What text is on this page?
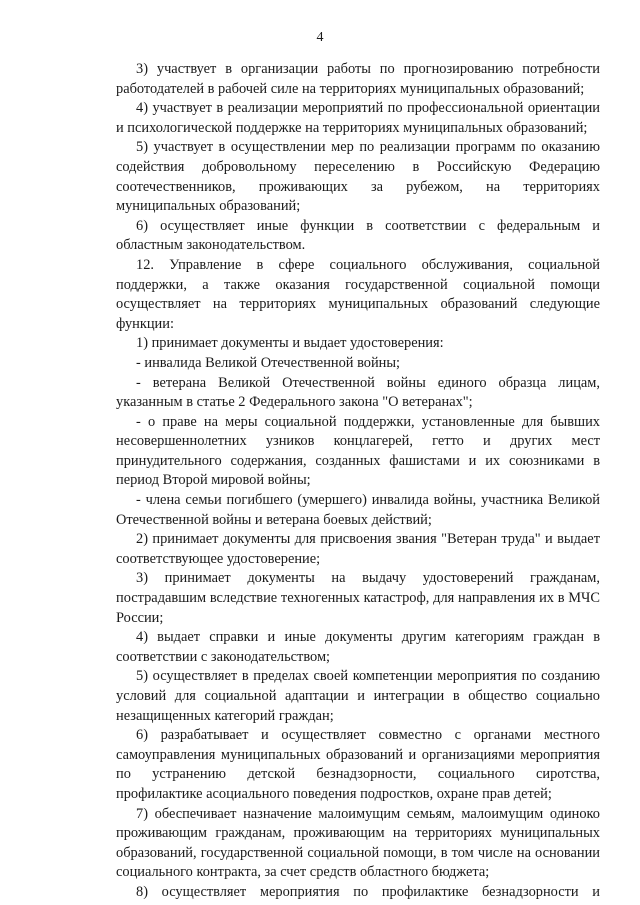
4

3) участвует в организации работы по прогнозированию потребности работодателей в рабочей силе на территориях муниципальных образований;

4) участвует в реализации мероприятий по профессиональной ориентации и психологической поддержке на территориях муниципальных образований;

5) участвует в осуществлении мер по реализации программ по оказанию содействия добровольному переселению в Российскую Федерацию соотечественников, проживающих за рубежом, на территориях муниципальных образований;

6) осуществляет иные функции в соответствии с федеральным и областным законодательством.

12. Управление в сфере социального обслуживания, социальной поддержки, а также оказания государственной социальной помощи осуществляет на территориях муниципальных образований следующие функции:

1) принимает документы и выдает удостоверения:

- инвалида Великой Отечественной войны;

- ветерана Великой Отечественной войны единого образца лицам, указанным в статье 2 Федерального закона "О ветеранах";

- о праве на меры социальной поддержки, установленные для бывших несовершеннолетних узников концлагерей, гетто и других мест принудительного содержания, созданных фашистами и их союзниками в период Второй мировой войны;

- члена семьи погибшего (умершего) инвалида войны, участника Великой Отечественной войны и ветерана боевых действий;

2) принимает документы для присвоения звания "Ветеран труда" и выдает соответствующее удостоверение;

3) принимает документы на выдачу удостоверений гражданам, пострадавшим вследствие техногенных катастроф, для направления их в МЧС России;

4) выдает справки и иные документы другим категориям граждан в соответствии с законодательством;

5) осуществляет в пределах своей компетенции мероприятия по созданию условий для социальной адаптации и интеграции в общество социально незащищенных категорий граждан;

6) разрабатывает и осуществляет совместно с органами местного самоуправления муниципальных образований и организациями мероприятия по устранению детской безнадзорности, социального сиротства, профилактике асоциального поведения подростков, охране прав детей;

7) обеспечивает назначение малоимущим семьям, малоимущим одиноко проживающим гражданам, проживающим на территориях муниципальных образований, государственной социальной помощи, в том числе на основании социального контракта, за счет средств областного бюджета;

8) осуществляет мероприятия по профилактике безнадзорности и
